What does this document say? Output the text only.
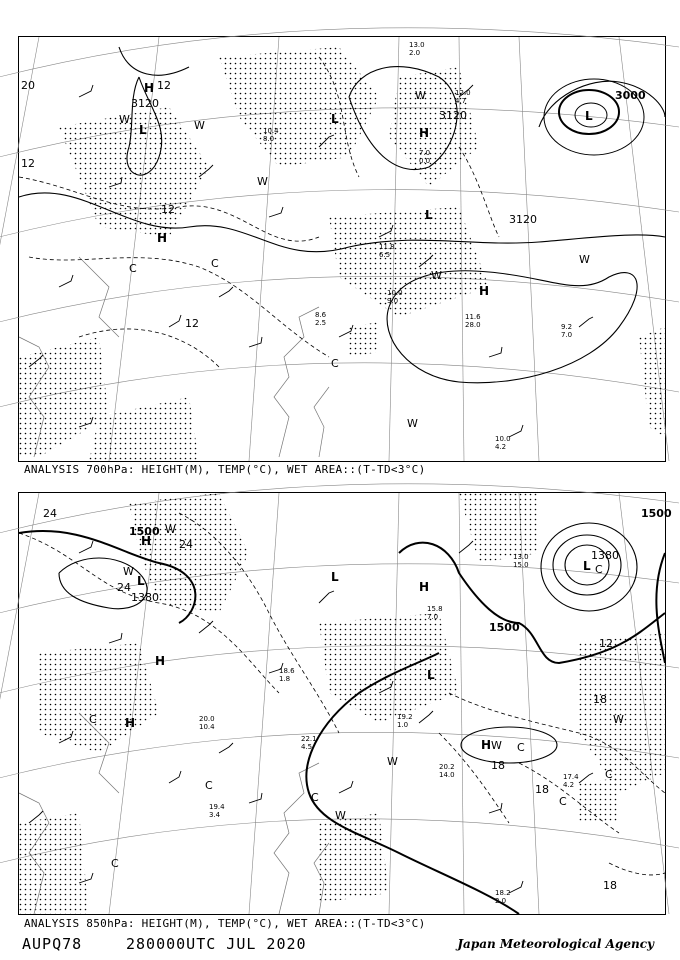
H
H
H
H
L
L
L
L
W	W
W
W
W
W
W
C	C
C
3120
3120
3120
3000
12
12
12
20
12
13.0
2.0
7.0
0.0
10.0
4.2
11.6
28.0	9.2
7.0
12.0
4.7
10.4
8.0
11.8
6.5
10.0
9.0
8.6
2.5
ANALYSIS 700hPa: HEIGHT(M), TEMP(°C), WET AREA::(T-TD<3°C)
H
H
H
H
H
L
L
L
L
W
W
W
W
W
W
C
C
C
C
C
C
C
C
1500
1500
1500
1380
1380
24
24
24
18
18
18
18
12
18.2
2.0
19.2
1.0
20.2
14.0	17.4
4.2
19.4
3.4
13.0
15.0
15.8
7.0
22.1
4.5
20.0
10.4
18.6
1.8
ANALYSIS 850hPa: HEIGHT(M), TEMP(°C), WET AREA::(T-TD<3°C)
AUPQ78	280000UTC JUL 2020	Japan Meteorological Agency
